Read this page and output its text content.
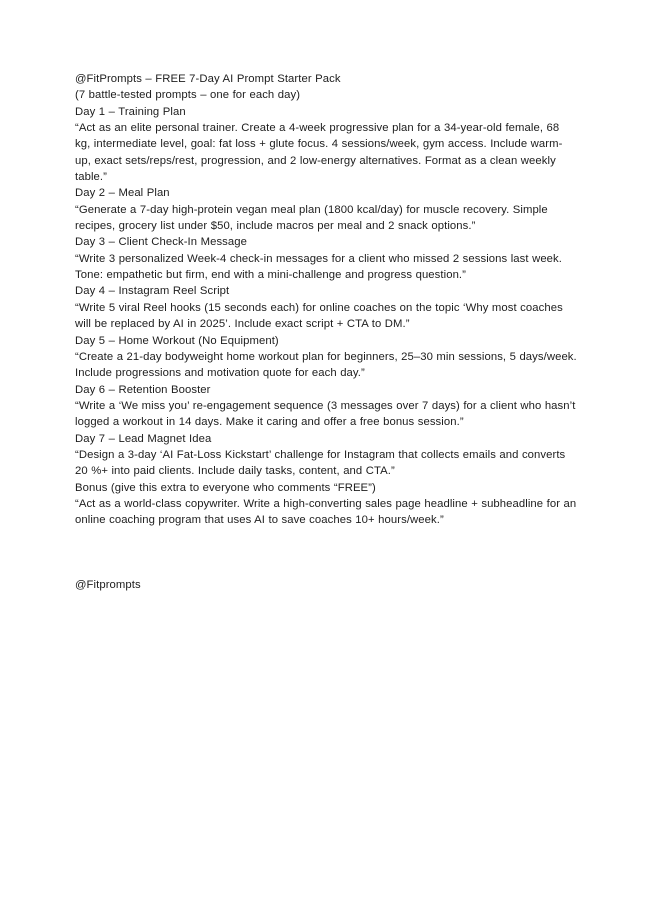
@FitPrompts – FREE 7-Day AI Prompt Starter Pack

(7 battle-tested prompts – one for each day)

Day 1 – Training Plan

“Act as an elite personal trainer. Create a 4-week progressive plan for a 34-year-old female, 68 kg, intermediate level, goal: fat loss + glute focus. 4 sessions/week, gym access. Include warm-up, exact sets/reps/rest, progression, and 2 low-energy alternatives. Format as a clean weekly table.”

Day 2 – Meal Plan

“Generate a 7-day high-protein vegan meal plan (1800 kcal/day) for muscle recovery. Simple recipes, grocery list under $50, include macros per meal and 2 snack options.”

Day 3 – Client Check-In Message

“Write 3 personalized Week-4 check-in messages for a client who missed 2 sessions last week. Tone: empathetic but firm, end with a mini-challenge and progress question.”

Day 4 – Instagram Reel Script

“Write 5 viral Reel hooks (15 seconds each) for online coaches on the topic ‘Why most coaches will be replaced by AI in 2025’. Include exact script + CTA to DM.”

Day 5 – Home Workout (No Equipment)

“Create a 21-day bodyweight home workout plan for beginners, 25–30 min sessions, 5 days/week. Include progressions and motivation quote for each day.”

Day 6 – Retention Booster

“Write a ‘We miss you’ re-engagement sequence (3 messages over 7 days) for a client who hasn’t logged a workout in 14 days. Make it caring and offer a free bonus session.”

Day 7 – Lead Magnet Idea

“Design a 3-day ‘AI Fat-Loss Kickstart’ challenge for Instagram that collects emails and converts 20 %+ into paid clients. Include daily tasks, content, and CTA.”

Bonus (give this extra to everyone who comments “FREE”)

“Act as a world-class copywriter. Write a high-converting sales page headline + subheadline for an online coaching program that uses AI to save coaches 10+ hours/week.”

@Fitprompts
